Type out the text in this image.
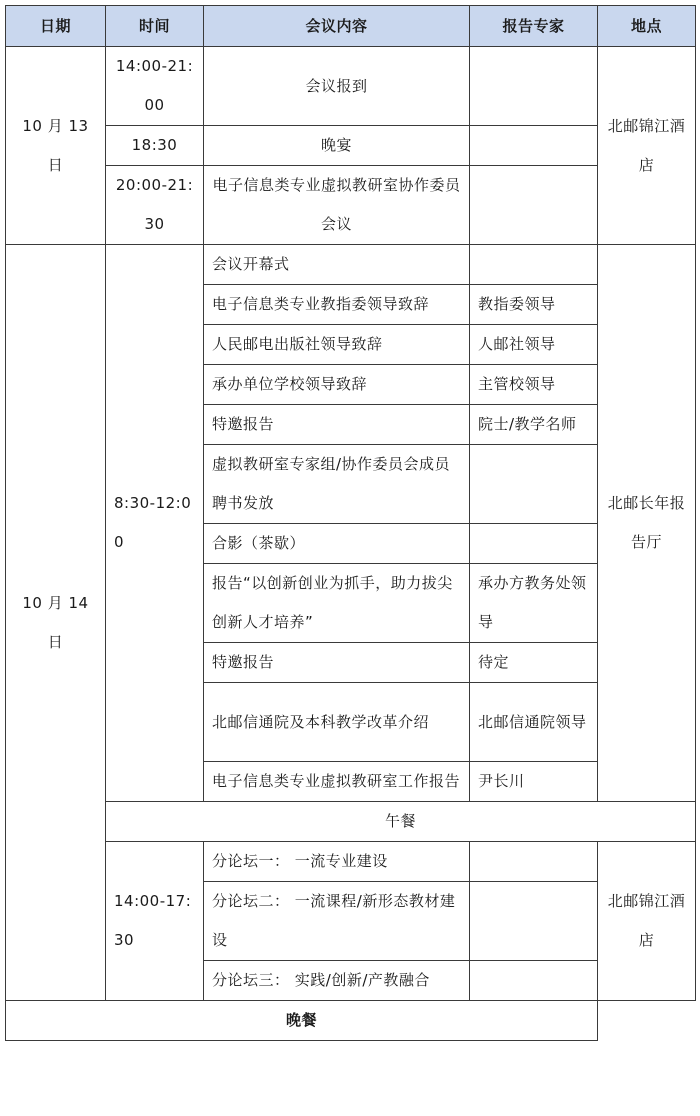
日期	时间	会议内容	报告专家	地点
10 月 13 日	14:00-21:00	会议报到		北邮锦江酒店
	18:30	晚宴		
	20:00-21:30	电子信息类专业虚拟教研室协作委员会议		
10 月 14 日	8:30-12:00	会议开幕式		北邮长年报告厅
		电子信息类专业教指委领导致辞	教指委领导	
		人民邮电出版社领导致辞	人邮社领导	
		承办单位学校领导致辞	主管校领导	
		特邀报告	院士/教学名师	
		虚拟教研室专家组/协作委员会成员聘书发放		
		合影（茶歇）		
		报告“以创新创业为抓手，助力拔尖创新人才培养”	承办方教务处领导	
		特邀报告	待定	
		北邮信通院及本科教学改革介绍	北邮信通院领导	
		电子信息类专业虚拟教研室工作报告	尹长川	
	午餐			
	14:00-17:30	分论坛一： 一流专业建设		北邮锦江酒店
		分论坛二： 一流课程/新形态教材建设		
		分论坛三： 实践/创新/产教融合		
晚餐				
